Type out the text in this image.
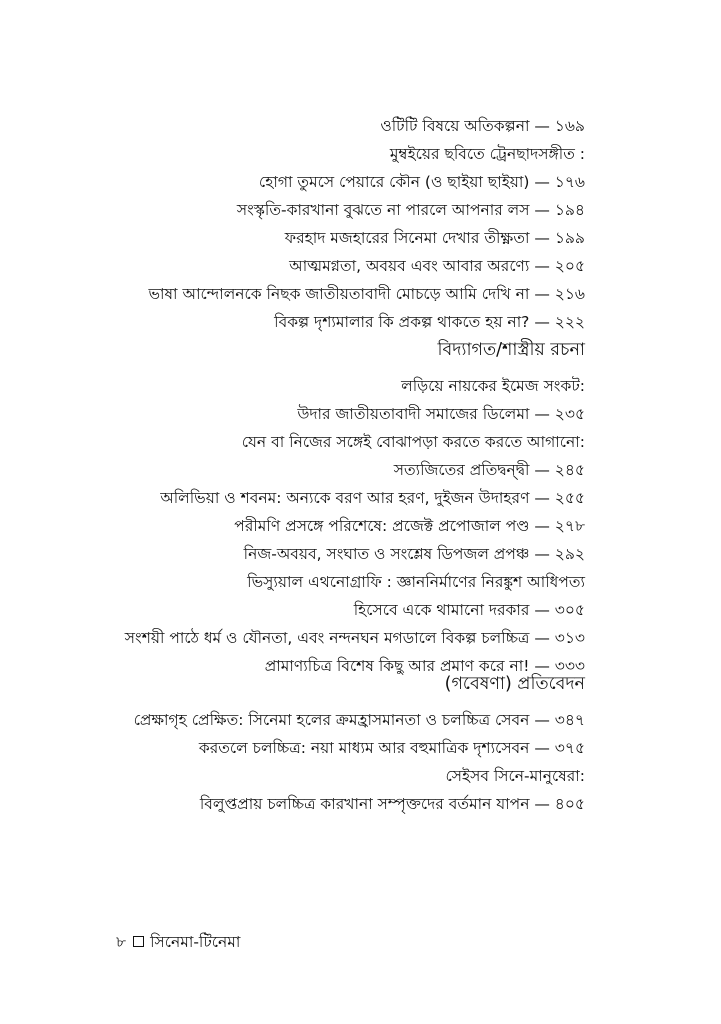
ওটিটি বিষয়ে অতিকল্পনা — ১৬৯
মুম্বইয়ের ছবিতে ট্রেনছাদসঙ্গীত :
হোগা তুমসে পেয়ারে কৌন (ও ছাইয়া ছাইয়া) — ১৭৬
সংস্কৃতি-কারখানা বুঝতে না পারলে আপনার লস — ১৯৪
ফরহাদ মজহারের সিনেমা দেখার তীক্ষ্ণতা — ১৯৯
আত্মমগ্নতা, অবয়ব এবং আবার অরণ্যে — ২০৫
ভাষা আন্দোলনকে নিছক জাতীয়তাবাদী মোচড়ে আমি দেখি না — ২১৬
বিকল্প দৃশ্যমালার কি প্রকল্প থাকতে হয় না? — ২২২
বিদ্যাগত/শাস্ত্রীয় রচনা
লড়িয়ে নায়কের ইমেজ সংকট:
উদার জাতীয়তাবাদী সমাজের ডিলেমা — ২৩৫
যেন বা নিজের সঙ্গেই বোঝাপড়া করতে করতে আগানো:
সত্যজিতের প্রতিদ্বন্দ্বী — ২৪৫
অলিভিয়া ও শবনম: অন্যকে বরণ আর হরণ, দুইজন উদাহরণ — ২৫৫
পরীমণি প্রসঙ্গে পরিশেষে: প্রজেক্ট প্রপোজাল পণ্ড — ২৭৮
নিজ-অবয়ব, সংঘাত ও সংশ্লেষ ডিপজল প্রপঞ্চ — ২৯২
ভিস্যুয়াল এথনোগ্রাফি : জ্ঞাননির্মাণের নিরঙ্কুশ আধিপত্য
হিসেবে একে থামানো দরকার — ৩০৫
সংশয়ী পাঠে ধর্ম ও যৌনতা, এবং নন্দনঘন মগডালে বিকল্প চলচ্চিত্র — ৩১৩
প্রামাণ্যচিত্র বিশেষ কিছু আর প্রমাণ করে না! — ৩৩৩
(গবেষণা) প্রতিবেদন
প্রেক্ষাগৃহ প্রেক্ষিত: সিনেমা হলের ক্রমহ্রাসমানতা ও চলচ্চিত্র সেবন — ৩৪৭
করতলে চলচ্চিত্র: নয়া মাধ্যম আর বহুমাত্রিক দৃশ্যসেবন — ৩৭৫
সেইসব সিনে-মানুষেরা:
বিলুপ্তপ্রায় চলচ্চিত্র কারখানা সম্পৃক্তদের বর্তমান যাপন — ৪০৫
৮ সিনেমা-টিনেমা
